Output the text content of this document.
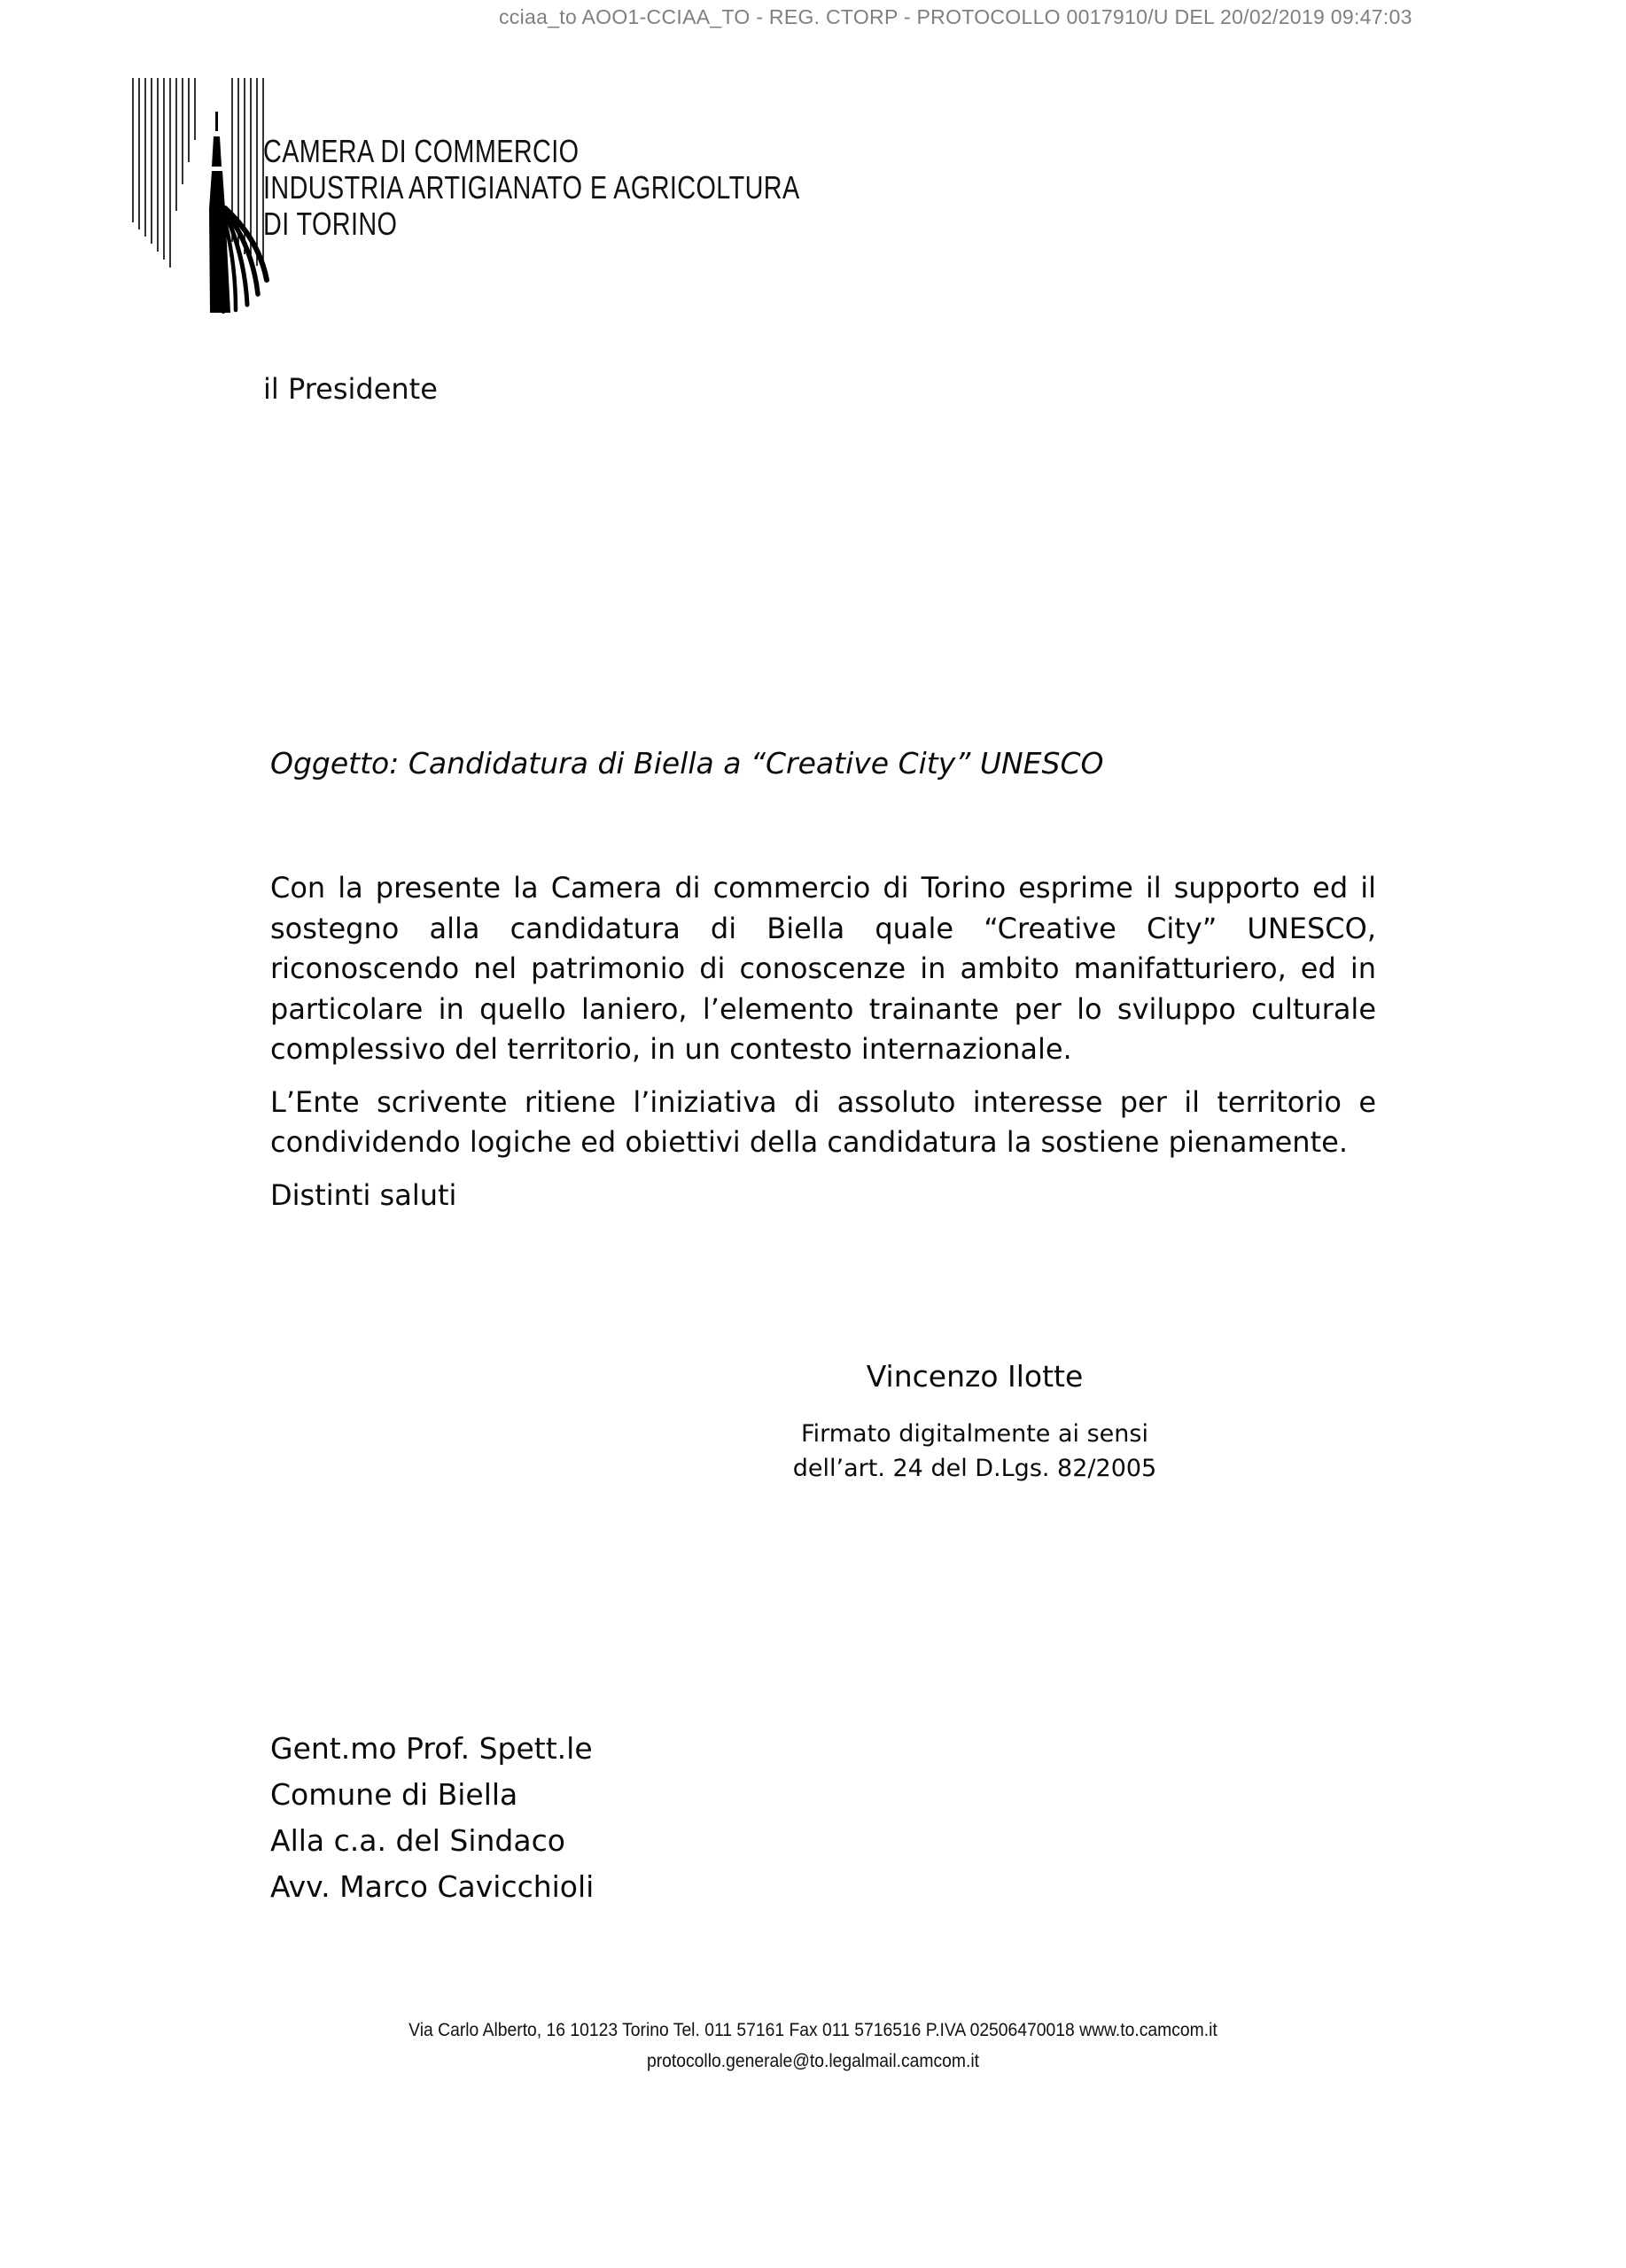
cciaa_to AOO1-CCIAA_TO - REG. CTORP - PROTOCOLLO 0017910/U DEL 20/02/2019 09:47:03
CAMERA DI COMMERCIO
INDUSTRIA ARTIGIANATO E AGRICOLTURA
DI TORINO
il Presidente
Oggetto: Candidatura di Biella a “Creative City” UNESCO

Con la presente la Camera di commercio di Torino esprime il supporto ed il sostegno alla candidatura di Biella quale “Creative City” UNESCO, riconoscendo nel patrimonio di conoscenze in ambito manifatturiero, ed in particolare in quello laniero, l’elemento trainante per lo sviluppo culturale complessivo del territorio, in un contesto internazionale.

L’Ente scrivente ritiene l’iniziativa di assoluto interesse per il territorio e condividendo logiche ed obiettivi della candidatura la sostiene pienamente.

Distinti saluti

Vincenzo Ilotte
Firmato digitalmente ai sensi
dell’art. 24 del D.Lgs. 82/2005
Gent.mo Prof. Spett.le
Comune di Biella
Alla c.a. del Sindaco
Avv. Marco Cavicchioli
Via Carlo Alberto, 16 10123 Torino Tel. 011 57161 Fax 011 5716516 P.IVA 02506470018 www.to.camcom.it
protocollo.generale@to.legalmail.camcom.it
